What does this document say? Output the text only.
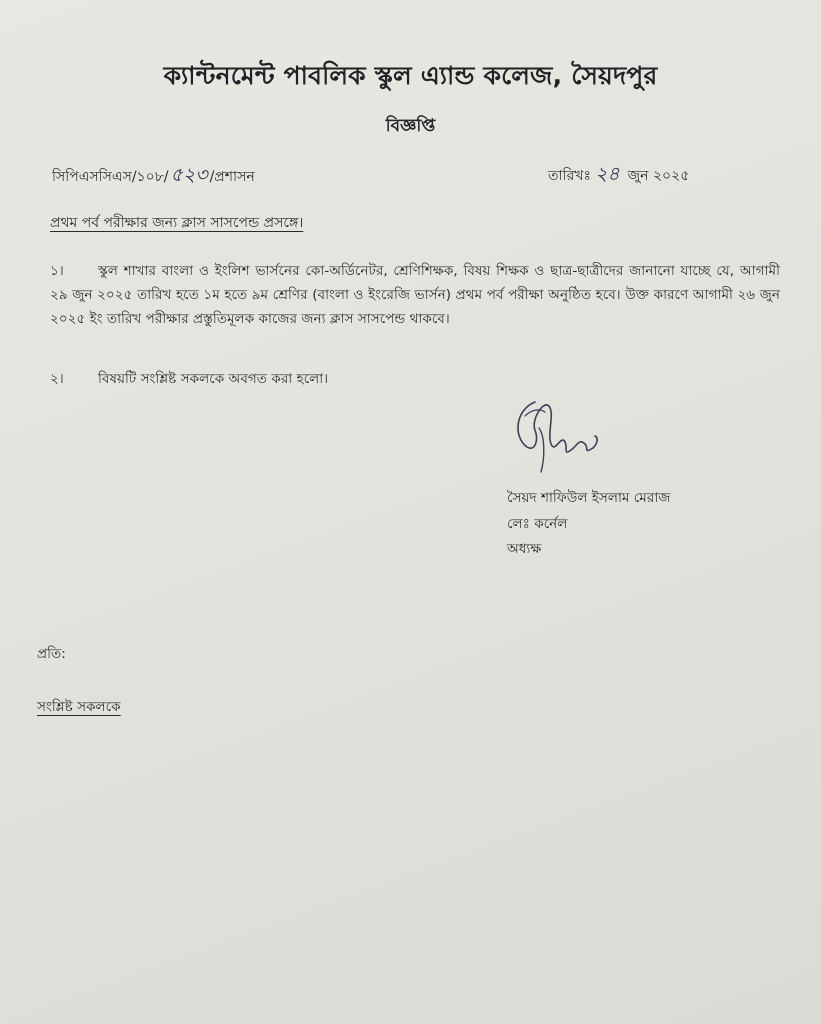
ক্যান্টনমেন্ট পাবলিক স্কুল এ্যান্ড কলেজ, সৈয়দপুর
বিজ্ঞপ্তি
সিপিএসসিএস/১০৮/ ৫২৩ /প্রশাসন	তারিখঃ ২৪ জুন ২০২৫
প্রথম পর্ব পরীক্ষার জন্য ক্লাস সাসপেন্ড প্রসঙ্গে।
১।	স্কুল শাখার বাংলা ও ইংলিশ ভার্সনের কো-অর্ডিনেটর, শ্রেণিশিক্ষক, বিষয় শিক্ষক ও ছাত্র-ছাত্রীদের জানানো যাচ্ছে যে, আগামী ২৯ জুন ২০২৫ তারিখ হতে ১ম হতে ৯ম শ্রেণির (বাংলা ও ইংরেজি ভার্সন) প্রথম পর্ব পরীক্ষা অনুষ্ঠিত হবে। উক্ত কারণে আগামী ২৬ জুন ২০২৫ ইং তারিখ পরীক্ষার প্রস্তুতিমূলক কাজের জন্য ক্লাস সাসপেন্ড থাকবে।
২।	বিষয়টি সংশ্লিষ্ট সকলকে অবগত করা হলো।
সৈয়দ শাফিউল ইসলাম মেরাজ
লেঃ কর্নেল
অধ্যক্ষ
প্রতি:
সংশ্লিষ্ট সকলকে
